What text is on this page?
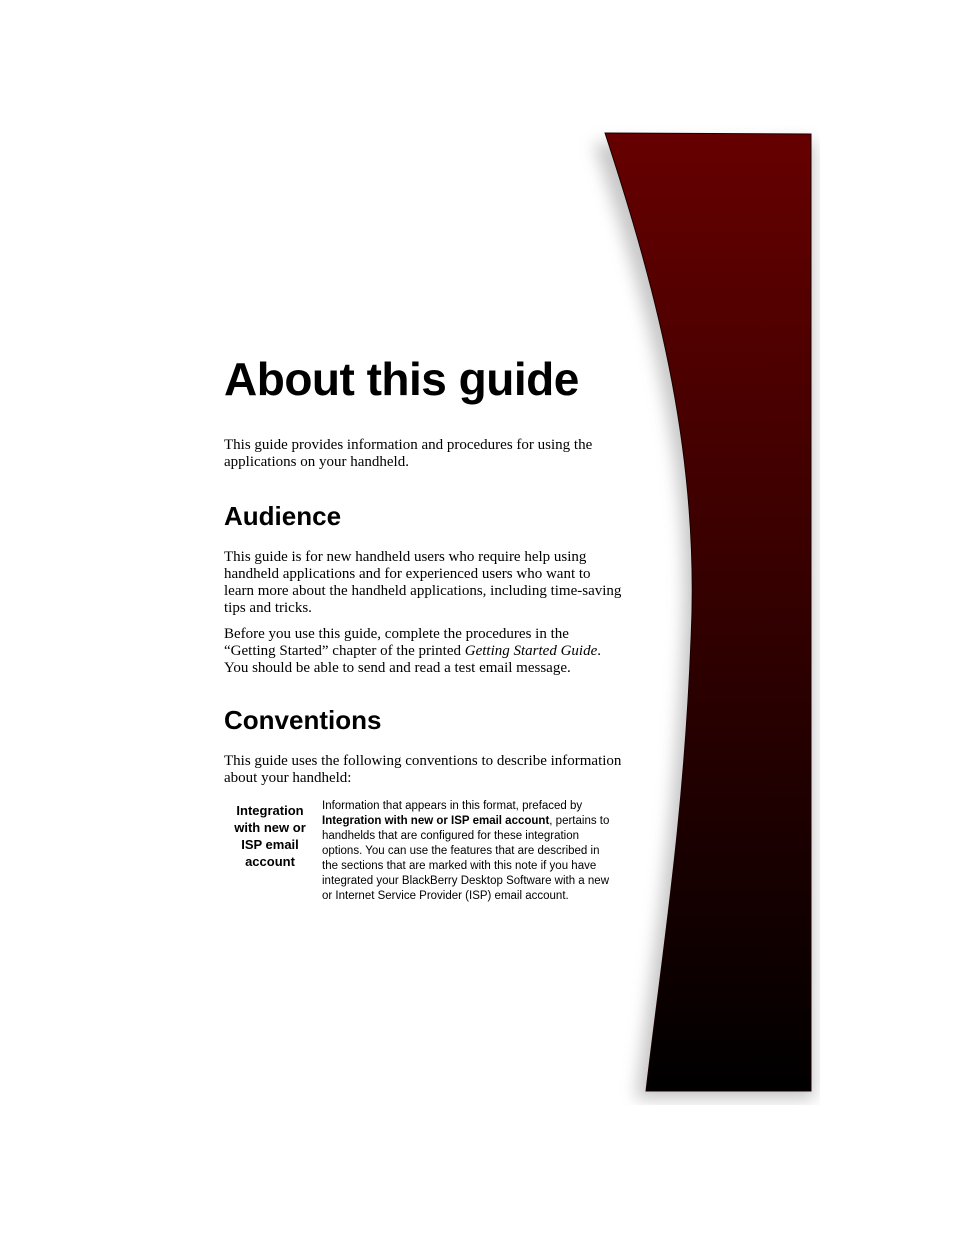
About this guide

This guide provides information and procedures for using the applications on your handheld.

Audience

This guide is for new handheld users who require help using handheld applications and for experienced users who want to learn more about the handheld applications, including time-saving tips and tricks.

Before you use this guide, complete the procedures in the “Getting Started” chapter of the printed Getting Started Guide. You should be able to send and read a test email message.

Conventions

This guide uses the following conventions to describe information about your handheld:

Integration with new or ISP email account
Information that appears in this format, prefaced by Integration with new or ISP email account, pertains to handhelds that are configured for these integration options. You can use the features that are described in the sections that are marked with this note if you have integrated your BlackBerry Desktop Software with a new or Internet Service Provider (ISP) email account.
